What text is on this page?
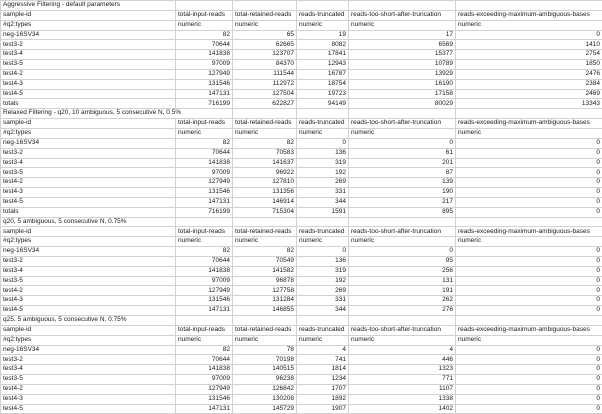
Aggressive Filtering - default parameters					
sample-id	total-input-reads	total-retained-reads	reads-truncated	reads-too-short-after-truncation	reads-exceeding-maximum-ambiguous-bases
#q2:types	numeric	numeric	numeric	numeric	numeric
neg-16SV34	82	65	19	17	0
test3-2	70644	62665	8082	6569	1410
test3-4	141838	123707	17841	15377	2754
test3-5	97009	84370	12943	10789	1850
test4-2	127949	111544	16787	13929	2476
test4-3	131546	112972	18754	16190	2384
test4-5	147131	127504	19723	17158	2469
totals	716199	622827	94149	80029	13343
Relaxed Filtering - q20, 10 ambiguous, 5 consecutive N, 0.5%					
sample-id	total-input-reads	total-retained-reads	reads-truncated	reads-too-short-after-truncation	reads-exceeding-maximum-ambiguous-bases
#q2:types	numeric	numeric	numeric	numeric	numeric
neg-16SV34	82	82	0	0	0
test3-2	70644	70583	136	61	0
test3-4	141838	141637	319	201	0
test3-5	97009	96922	192	87	0
test4-2	127949	127810	269	139	0
test4-3	131546	131356	331	190	0
test4-5	147131	146914	344	217	0
totals	716199	715304	1591	895	0
q20, 5 ambiguous, 5 consecutive N, 0.75%					
sample-id	total-input-reads	total-retained-reads	reads-truncated	reads-too-short-after-truncation	reads-exceeding-maximum-ambiguous-bases
#q2:types	numeric	numeric	numeric	numeric	numeric
neg-16SV34	82	82	0	0	0
test3-2	70644	70549	136	95	0
test3-4	141838	141582	319	256	0
test3-5	97009	96878	192	131	0
test4-2	127949	127758	269	191	0
test4-3	131546	131284	331	262	0
test4-5	147131	146855	344	276	0
q25, 5 ambiguous, 5 consecutive N, 0.75%					
sample-id	total-input-reads	total-retained-reads	reads-truncated	reads-too-short-after-truncation	reads-exceeding-maximum-ambiguous-bases
#q2:types	numeric	numeric	numeric	numeric	numeric
neg-16SV34	82	78	4	4	0
test3-2	70644	70198	741	446	0
test3-4	141838	140515	1814	1323	0
test3-5	97009	96238	1234	771	0
test4-2	127949	126842	1707	1107	0
test4-3	131546	130208	1892	1338	0
test4-5	147131	145729	1907	1402	0
